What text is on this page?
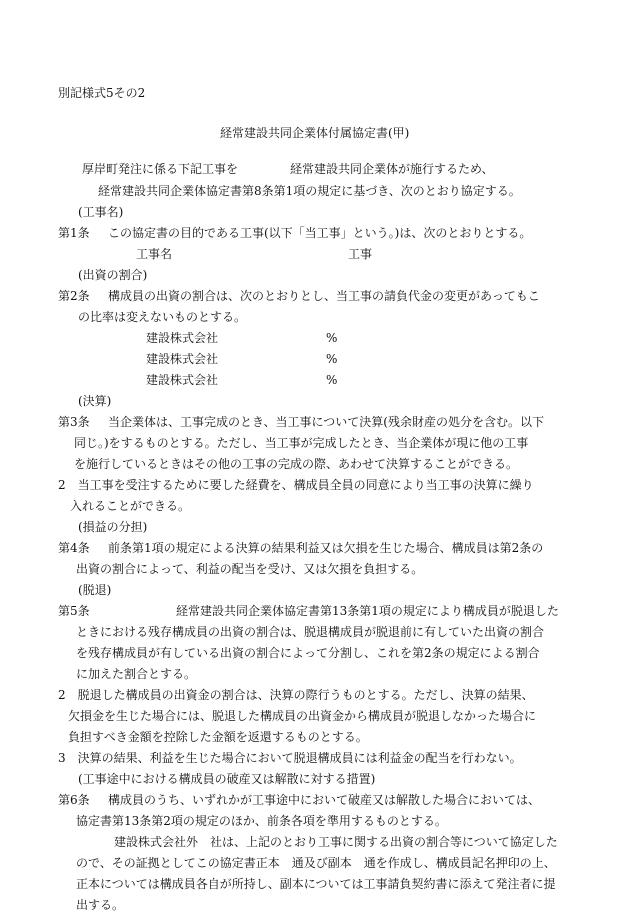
別記様式5その2

経常建設共同企業体付属協定書(甲)

厚岸町発注に係る下記工事を	経常建設共同企業体が施行するため、

経常建設共同企業体協定書第8条第1項の規定に基づき、次のとおり協定する。

(工事名)

第1条 この協定書の目的である工事(以下「当工事」という。)は、次のとおりとする。

工事名	工事

(出資の割合)

第2条 構成員の出資の割合は、次のとおりとし、当工事の請負代金の変更があってもこ

の比率は変えないものとする。

建設株式会社	%

建設株式会社	%

建設株式会社	%

(決算)

第3条 当企業体は、工事完成のとき、当工事について決算(残余財産の処分を含む。以下

同じ。)をするものとする。ただし、当工事が完成したとき、当企業体が現に他の工事

を施行しているときはその他の工事の完成の際、あわせて決算することができる。

2　当工事を受注するために要した経費を、構成員全員の同意により当工事の決算に繰り

入れることができる。

(損益の分担)

第4条 前条第1項の規定による決算の結果利益又は欠損を生じた場合、構成員は第2条の

出資の割合によって、利益の配当を受け、又は欠損を負担する。

(脱退)

第5条	経常建設共同企業体協定書第13条第1項の規定により構成員が脱退した

ときにおける残存構成員の出資の割合は、脱退構成員が脱退前に有していた出資の割合

を残存構成員が有している出資の割合によって分割し、これを第2条の規定による割合

に加えた割合とする。

2　脱退した構成員の出資金の割合は、決算の際行うものとする。ただし、決算の結果、

欠損金を生じた場合には、脱退した構成員の出資金から構成員が脱退しなかった場合に

負担すべき金額を控除した金額を返還するものとする。

3　決算の結果、利益を生じた場合において脱退構成員には利益金の配当を行わない。

(工事途中における構成員の破産又は解散に対する措置)

第6条 構成員のうち、いずれかが工事途中において破産又は解散した場合においては、

協定書第13条第2項の規定のほか、前条各項を準用するものとする。

建設株式会社外　社は、上記のとおり工事に関する出資の割合等について協定した

ので、その証拠としてこの協定書正本　通及び副本　通を作成し、構成員記名押印の上、

正本については構成員各自が所持し、副本については工事請負契約書に添えて発注者に提

出する。
